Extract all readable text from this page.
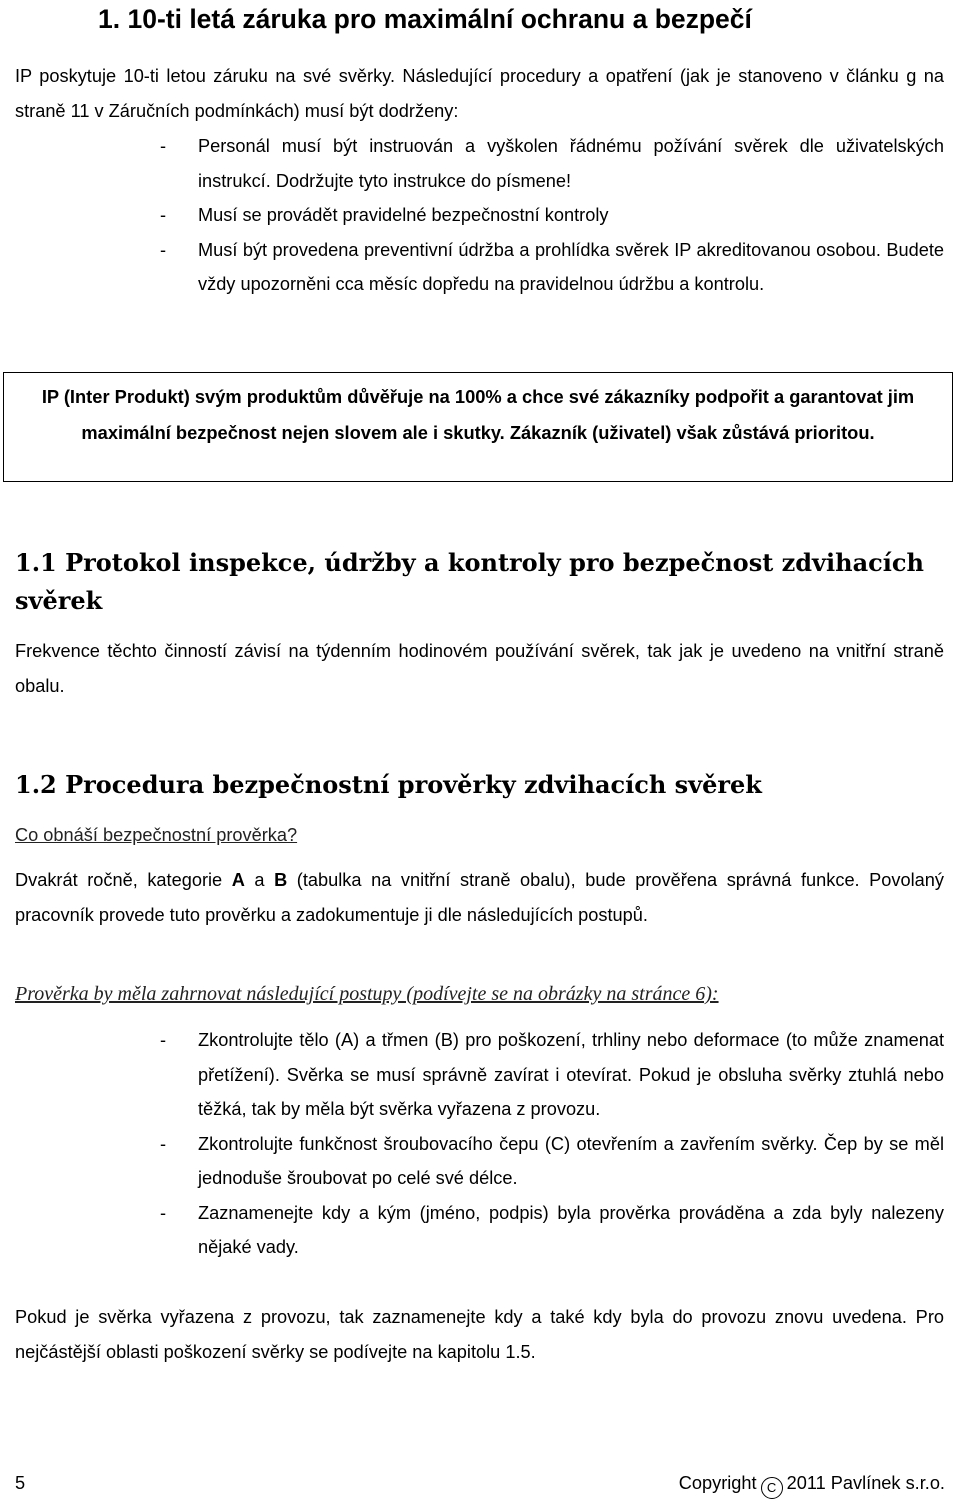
1. 10-ti letá záruka pro maximální ochranu a bezpečí

IP poskytuje 10-ti letou záruku na své svěrky. Následující procedury a opatření (jak je stanoveno v článku g na straně 11 v Záručních podmínkách) musí být dodrženy:

- Personál musí být instruován a vyškolen řádnému požívání svěrek dle uživatelských instrukcí. Dodržujte tyto instrukce do písmene!
- Musí se provádět pravidelné bezpečnostní kontroly
- Musí být provedena preventivní údržba a prohlídka svěrek IP akreditovanou osobou. Budete vždy upozorněni cca měsíc dopředu na pravidelnou údržbu a kontrolu.

IP (Inter Produkt) svým produktům důvěřuje na 100% a chce své zákazníky podpořit a garantovat jim maximální bezpečnost nejen slovem ale i skutky. Zákazník (uživatel) však zůstává prioritou.

1.1 Protokol inspekce, údržby a kontroly pro bezpečnost zdvihacích svěrek

Frekvence těchto činností závisí na týdenním hodinovém používání svěrek, tak jak je uvedeno na vnitřní straně obalu.

1.2 Procedura bezpečnostní prověrky zdvihacích svěrek

Co obnáší bezpečnostní prověrka?

Dvakrát ročně, kategorie A a B (tabulka na vnitřní straně obalu), bude prověřena správná funkce. Povolaný pracovník provede tuto prověrku a zadokumentuje ji dle následujících postupů.

Prověrka by měla zahrnovat následující postupy (podívejte se na obrázky na stránce 6):

- Zkontrolujte tělo (A) a třmen (B) pro poškození, trhliny nebo deformace (to může znamenat přetížení). Svěrka se musí správně zavírat i otevírat. Pokud je obsluha svěrky ztuhlá nebo těžká, tak by měla být svěrka vyřazena z provozu.
- Zkontrolujte funkčnost šroubovacího čepu (C) otevřením a zavřením svěrky. Čep by se měl jednoduše šroubovat po celé své délce.
- Zaznamenejte kdy a kým (jméno, podpis) byla prověrka prováděna a zda byly nalezeny nějaké vady.

Pokud je svěrka vyřazena z provozu, tak zaznamenejte kdy a také kdy byla do provozu znovu uvedena. Pro nejčástější oblasti poškození svěrky se podívejte na kapitolu 1.5.

5	Copyright C 2011 Pavlínek s.r.o.
